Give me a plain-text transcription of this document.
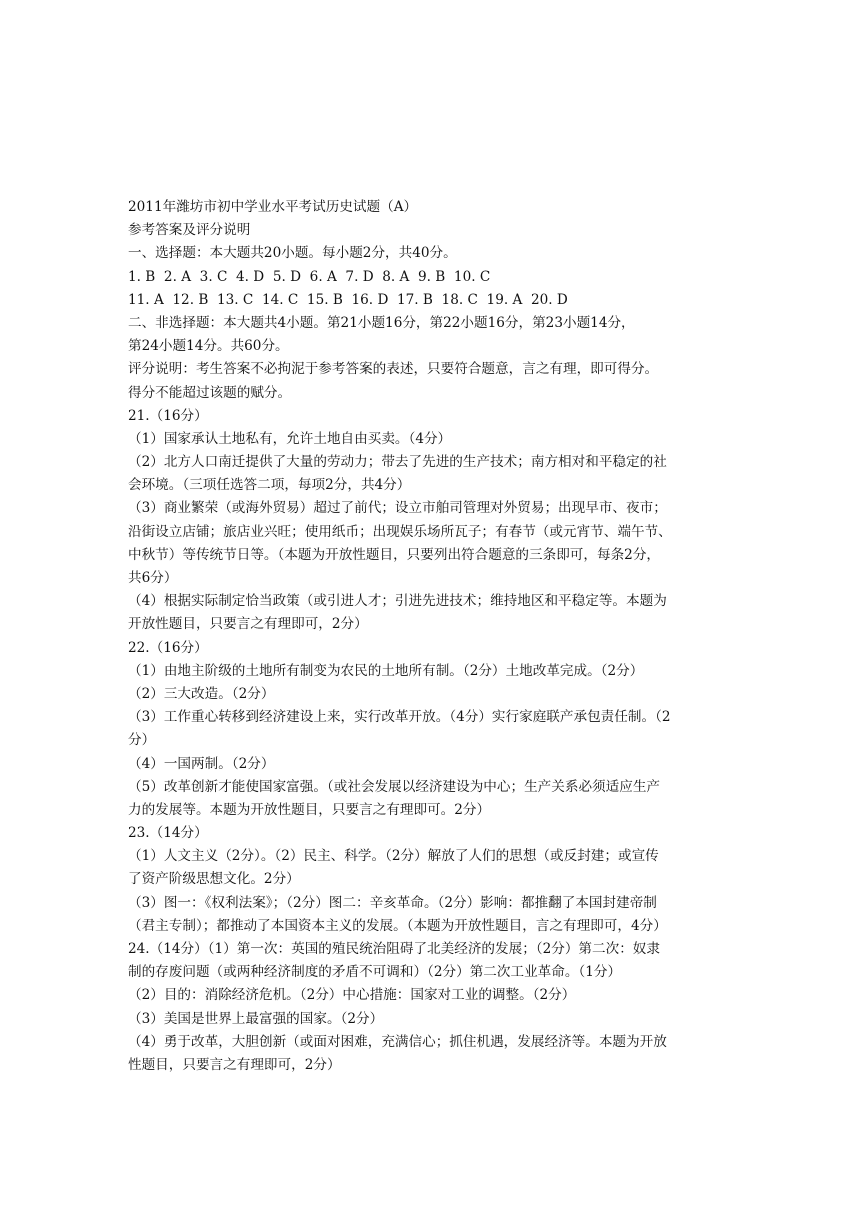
2011年潍坊市初中学业水平考试历史试题（A）
参考答案及评分说明
一、选择题：本大题共20小题。每小题2分，共40分。
1. B  2. A  3. C  4. D  5. D  6. A  7. D  8. A  9. B  10. C
11. A  12. B  13. C  14. C  15. B  16. D  17. B  18. C  19. A  20. D
二、非选择题：本大题共4小题。第21小题16分，第22小题16分，第23小题14分，
第24小题14分。共60分。
评分说明：考生答案不必拘泥于参考答案的表述，只要符合题意，言之有理，即可得分。
得分不能超过该题的赋分。
21.（16分）
（1）国家承认土地私有，允许土地自由买卖。（4分）
（2）北方人口南迁提供了大量的劳动力；带去了先进的生产技术；南方相对和平稳定的社
会环境。（三项任选答二项，每项2分，共4分）
（3）商业繁荣（或海外贸易）超过了前代；设立市舶司管理对外贸易；出现早市、夜市；
沿街设立店铺；旅店业兴旺；使用纸币；出现娱乐场所瓦子；有春节（或元宵节、端午节、
中秋节）等传统节日等。（本题为开放性题目，只要列出符合题意的三条即可，每条2分，
共6分）
（4）根据实际制定恰当政策（或引进人才；引进先进技术；维持地区和平稳定等。本题为
开放性题目，只要言之有理即可，2分）
22.（16分）
（1）由地主阶级的土地所有制变为农民的土地所有制。（2分）土地改革完成。（2分）
（2）三大改造。（2分）
（3）工作重心转移到经济建设上来，实行改革开放。（4分）实行家庭联产承包责任制。（2
分）
（4）一国两制。（2分）
（5）改革创新才能使国家富强。（或社会发展以经济建设为中心；生产关系必须适应生产
力的发展等。本题为开放性题目，只要言之有理即可。2分）
23.（14分）
（1）人文主义（2分）。（2）民主、科学。（2分）解放了人们的思想（或反封建；或宣传
了资产阶级思想文化。2分）
（3）图一：《权利法案》；（2分）图二：辛亥革命。（2分）影响：都推翻了本国封建帝制
（君主专制）；都推动了本国资本主义的发展。（本题为开放性题目，言之有理即可，4分）
24.（14分）（1）第一次：英国的殖民统治阻碍了北美经济的发展；（2分）第二次：奴隶
制的存废问题（或两种经济制度的矛盾不可调和）（2分）第二次工业革命。（1分）
（2）目的：消除经济危机。（2分）中心措施：国家对工业的调整。（2分）
（3）美国是世界上最富强的国家。（2分）
（4）勇于改革，大胆创新（或面对困难，充满信心；抓住机遇，发展经济等。本题为开放
性题目，只要言之有理即可，2分）
